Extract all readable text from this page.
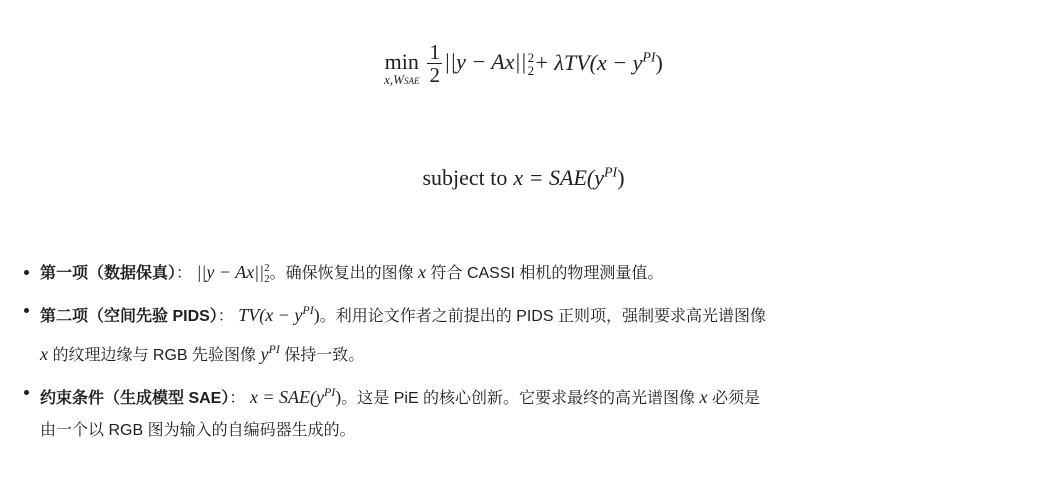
min
x,WSAE $\frac{1}{2} ||y - Ax||$ 2
$2 + \lambda TV(x - y^{PI})$
subject to $x = SAE(y^{PI})$
第一项（数据保真）： ||y − Ax|| 2
2 。确保恢复出的图像 x 符合 CASSI 相机的物理测量值。
第二项（空间先验 PIDS）： $TV(x - y^{PI})$。利用论文作者之前提出的 PIDS 正则项，强制要求高光谱图像
x 的纹理边缘与 RGB 先验图像 $y^{PI}$ 保持一致。
约束条件（生成模型 SAE）： $x = SAE(y^{PI})$。这是 PiE 的核心创新。它要求最终的高光谱图像 x 必须是
由一个以 RGB 图为输入的自编码器生成的。
